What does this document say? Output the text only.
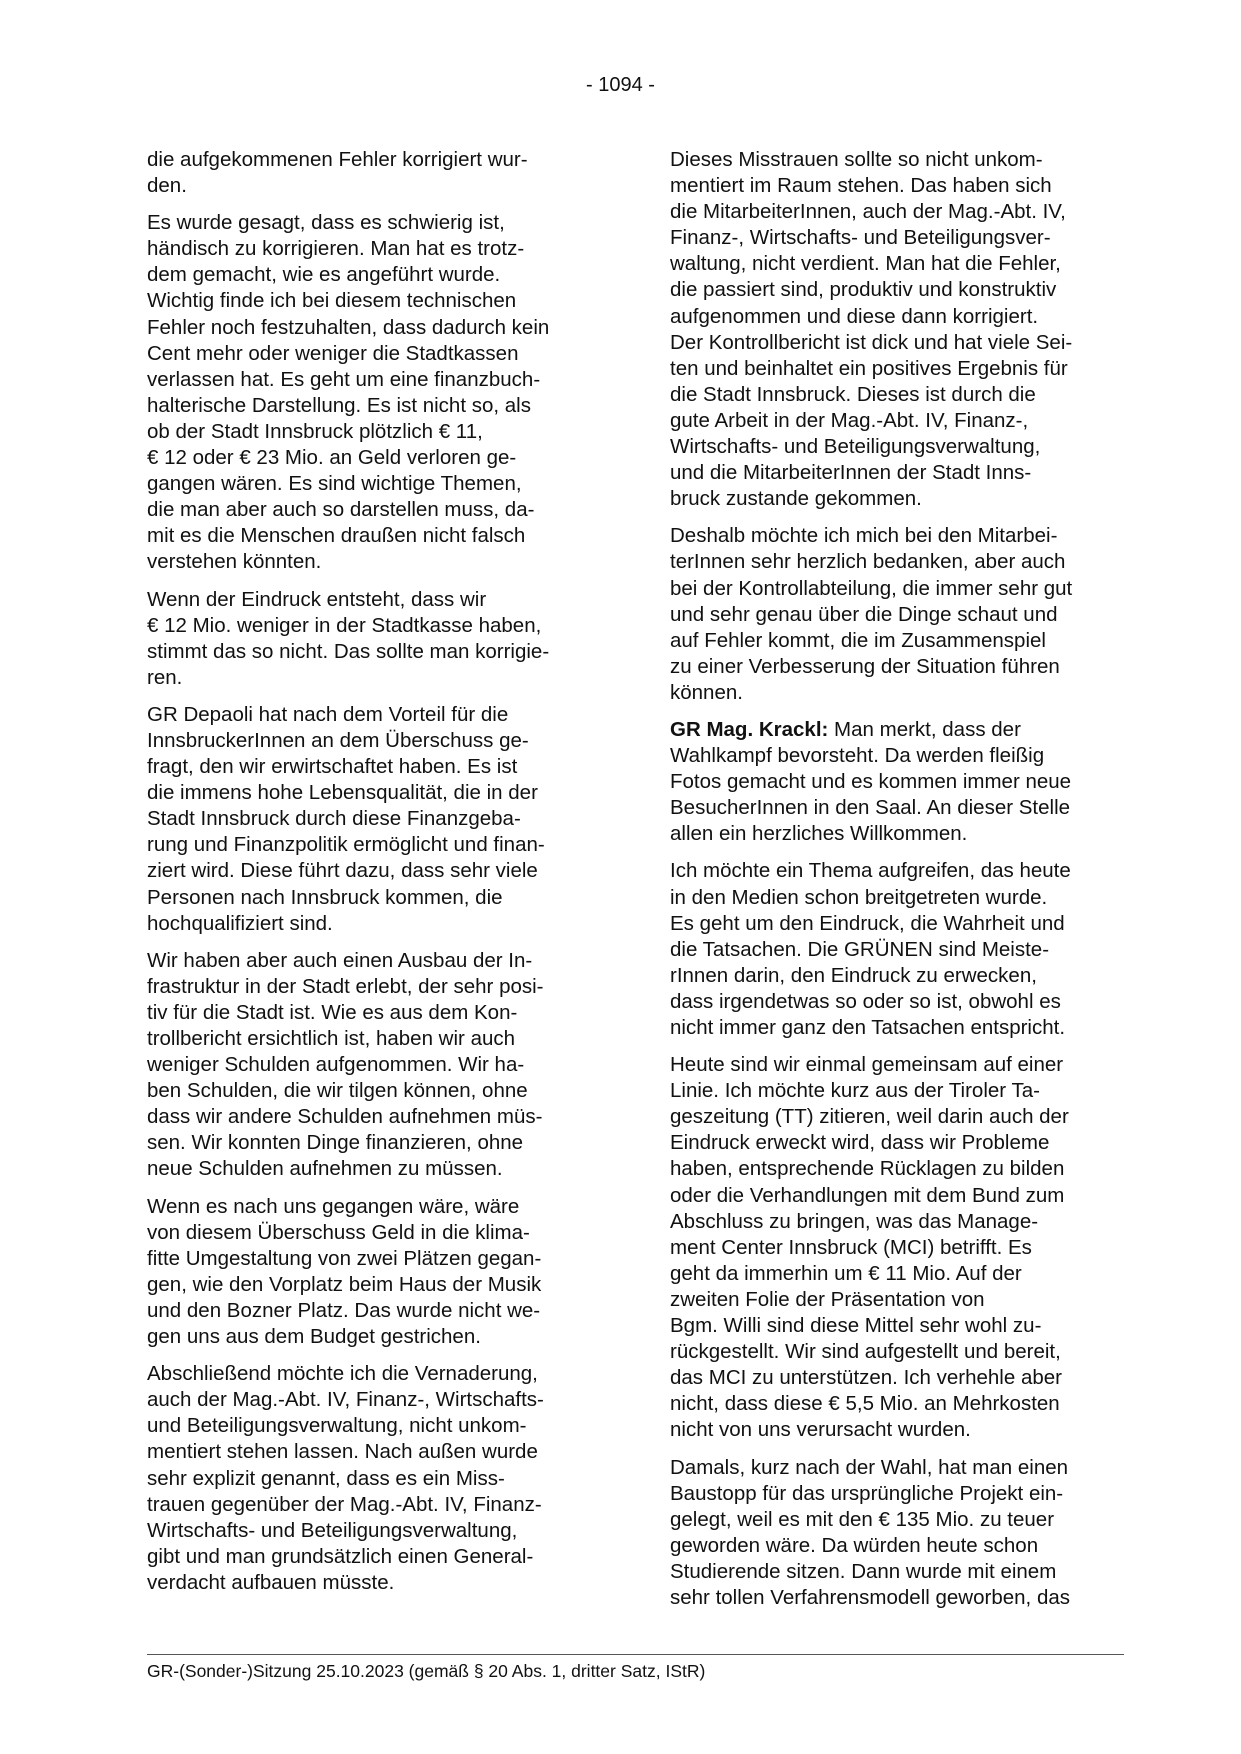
- 1094 -
die aufgekommenen Fehler korrigiert wur-
den.
Es wurde gesagt, dass es schwierig ist,
händisch zu korrigieren. Man hat es trotz-
dem gemacht, wie es angeführt wurde.
Wichtig finde ich bei diesem technischen
Fehler noch festzuhalten, dass dadurch kein
Cent mehr oder weniger die Stadtkassen
verlassen hat. Es geht um eine finanzbuch-
halterische Darstellung. Es ist nicht so, als
ob der Stadt Innsbruck plötzlich € 11,
€ 12 oder € 23 Mio. an Geld verloren ge-
gangen wären. Es sind wichtige Themen,
die man aber auch so darstellen muss, da-
mit es die Menschen draußen nicht falsch
verstehen könnten.
Wenn der Eindruck entsteht, dass wir
€ 12 Mio. weniger in der Stadtkasse haben,
stimmt das so nicht. Das sollte man korrigie-
ren.
GR Depaoli hat nach dem Vorteil für die
InnsbruckerInnen an dem Überschuss ge-
fragt, den wir erwirtschaftet haben. Es ist
die immens hohe Lebensqualität, die in der
Stadt Innsbruck durch diese Finanzgeba-
rung und Finanzpolitik ermöglicht und finan-
ziert wird. Diese führt dazu, dass sehr viele
Personen nach Innsbruck kommen, die
hochqualifiziert sind.
Wir haben aber auch einen Ausbau der In-
frastruktur in der Stadt erlebt, der sehr posi-
tiv für die Stadt ist. Wie es aus dem Kon-
trollbericht ersichtlich ist, haben wir auch
weniger Schulden aufgenommen. Wir ha-
ben Schulden, die wir tilgen können, ohne
dass wir andere Schulden aufnehmen müs-
sen. Wir konnten Dinge finanzieren, ohne
neue Schulden aufnehmen zu müssen.
Wenn es nach uns gegangen wäre, wäre
von diesem Überschuss Geld in die klima-
fitte Umgestaltung von zwei Plätzen gegan-
gen, wie den Vorplatz beim Haus der Musik
und den Bozner Platz. Das wurde nicht we-
gen uns aus dem Budget gestrichen.
Abschließend möchte ich die Vernaderung,
auch der Mag.-Abt. IV, Finanz-, Wirtschafts-
und Beteiligungsverwaltung, nicht unkom-
mentiert stehen lassen. Nach außen wurde
sehr explizit genannt, dass es ein Miss-
trauen gegenüber der Mag.-Abt. IV, Finanz-
Wirtschafts- und Beteiligungsverwaltung,
gibt und man grundsätzlich einen General-
verdacht aufbauen müsste.
Dieses Misstrauen sollte so nicht unkom-
mentiert im Raum stehen. Das haben sich
die MitarbeiterInnen, auch der Mag.-Abt. IV,
Finanz-, Wirtschafts- und Beteiligungsver-
waltung, nicht verdient. Man hat die Fehler,
die passiert sind, produktiv und konstruktiv
aufgenommen und diese dann korrigiert.
Der Kontrollbericht ist dick und hat viele Sei-
ten und beinhaltet ein positives Ergebnis für
die Stadt Innsbruck. Dieses ist durch die
gute Arbeit in der Mag.-Abt. IV, Finanz-,
Wirtschafts- und Beteiligungsverwaltung,
und die MitarbeiterInnen der Stadt Inns-
bruck zustande gekommen.
Deshalb möchte ich mich bei den Mitarbei-
terInnen sehr herzlich bedanken, aber auch
bei der Kontrollabteilung, die immer sehr gut
und sehr genau über die Dinge schaut und
auf Fehler kommt, die im Zusammenspiel
zu einer Verbesserung der Situation führen
können.
GR Mag. Krackl: Man merkt, dass der
Wahlkampf bevorsteht. Da werden fleißig
Fotos gemacht und es kommen immer neue
BesucherInnen in den Saal. An dieser Stelle
allen ein herzliches Willkommen.
Ich möchte ein Thema aufgreifen, das heute
in den Medien schon breitgetreten wurde.
Es geht um den Eindruck, die Wahrheit und
die Tatsachen. Die GRÜNEN sind Meiste-
rInnen darin, den Eindruck zu erwecken,
dass irgendetwas so oder so ist, obwohl es
nicht immer ganz den Tatsachen entspricht.
Heute sind wir einmal gemeinsam auf einer
Linie. Ich möchte kurz aus der Tiroler Ta-
geszeitung (TT) zitieren, weil darin auch der
Eindruck erweckt wird, dass wir Probleme
haben, entsprechende Rücklagen zu bilden
oder die Verhandlungen mit dem Bund zum
Abschluss zu bringen, was das Manage-
ment Center Innsbruck (MCI) betrifft. Es
geht da immerhin um € 11 Mio. Auf der
zweiten Folie der Präsentation von
Bgm. Willi sind diese Mittel sehr wohl zu-
rückgestellt. Wir sind aufgestellt und bereit,
das MCI zu unterstützen. Ich verhehle aber
nicht, dass diese € 5,5 Mio. an Mehrkosten
nicht von uns verursacht wurden.
Damals, kurz nach der Wahl, hat man einen
Baustopp für das ursprüngliche Projekt ein-
gelegt, weil es mit den € 135 Mio. zu teuer
geworden wäre. Da würden heute schon
Studierende sitzen. Dann wurde mit einem
sehr tollen Verfahrensmodell geworben, das
GR-(Sonder-)Sitzung 25.10.2023 (gemäß § 20 Abs. 1, dritter Satz, IStR)
